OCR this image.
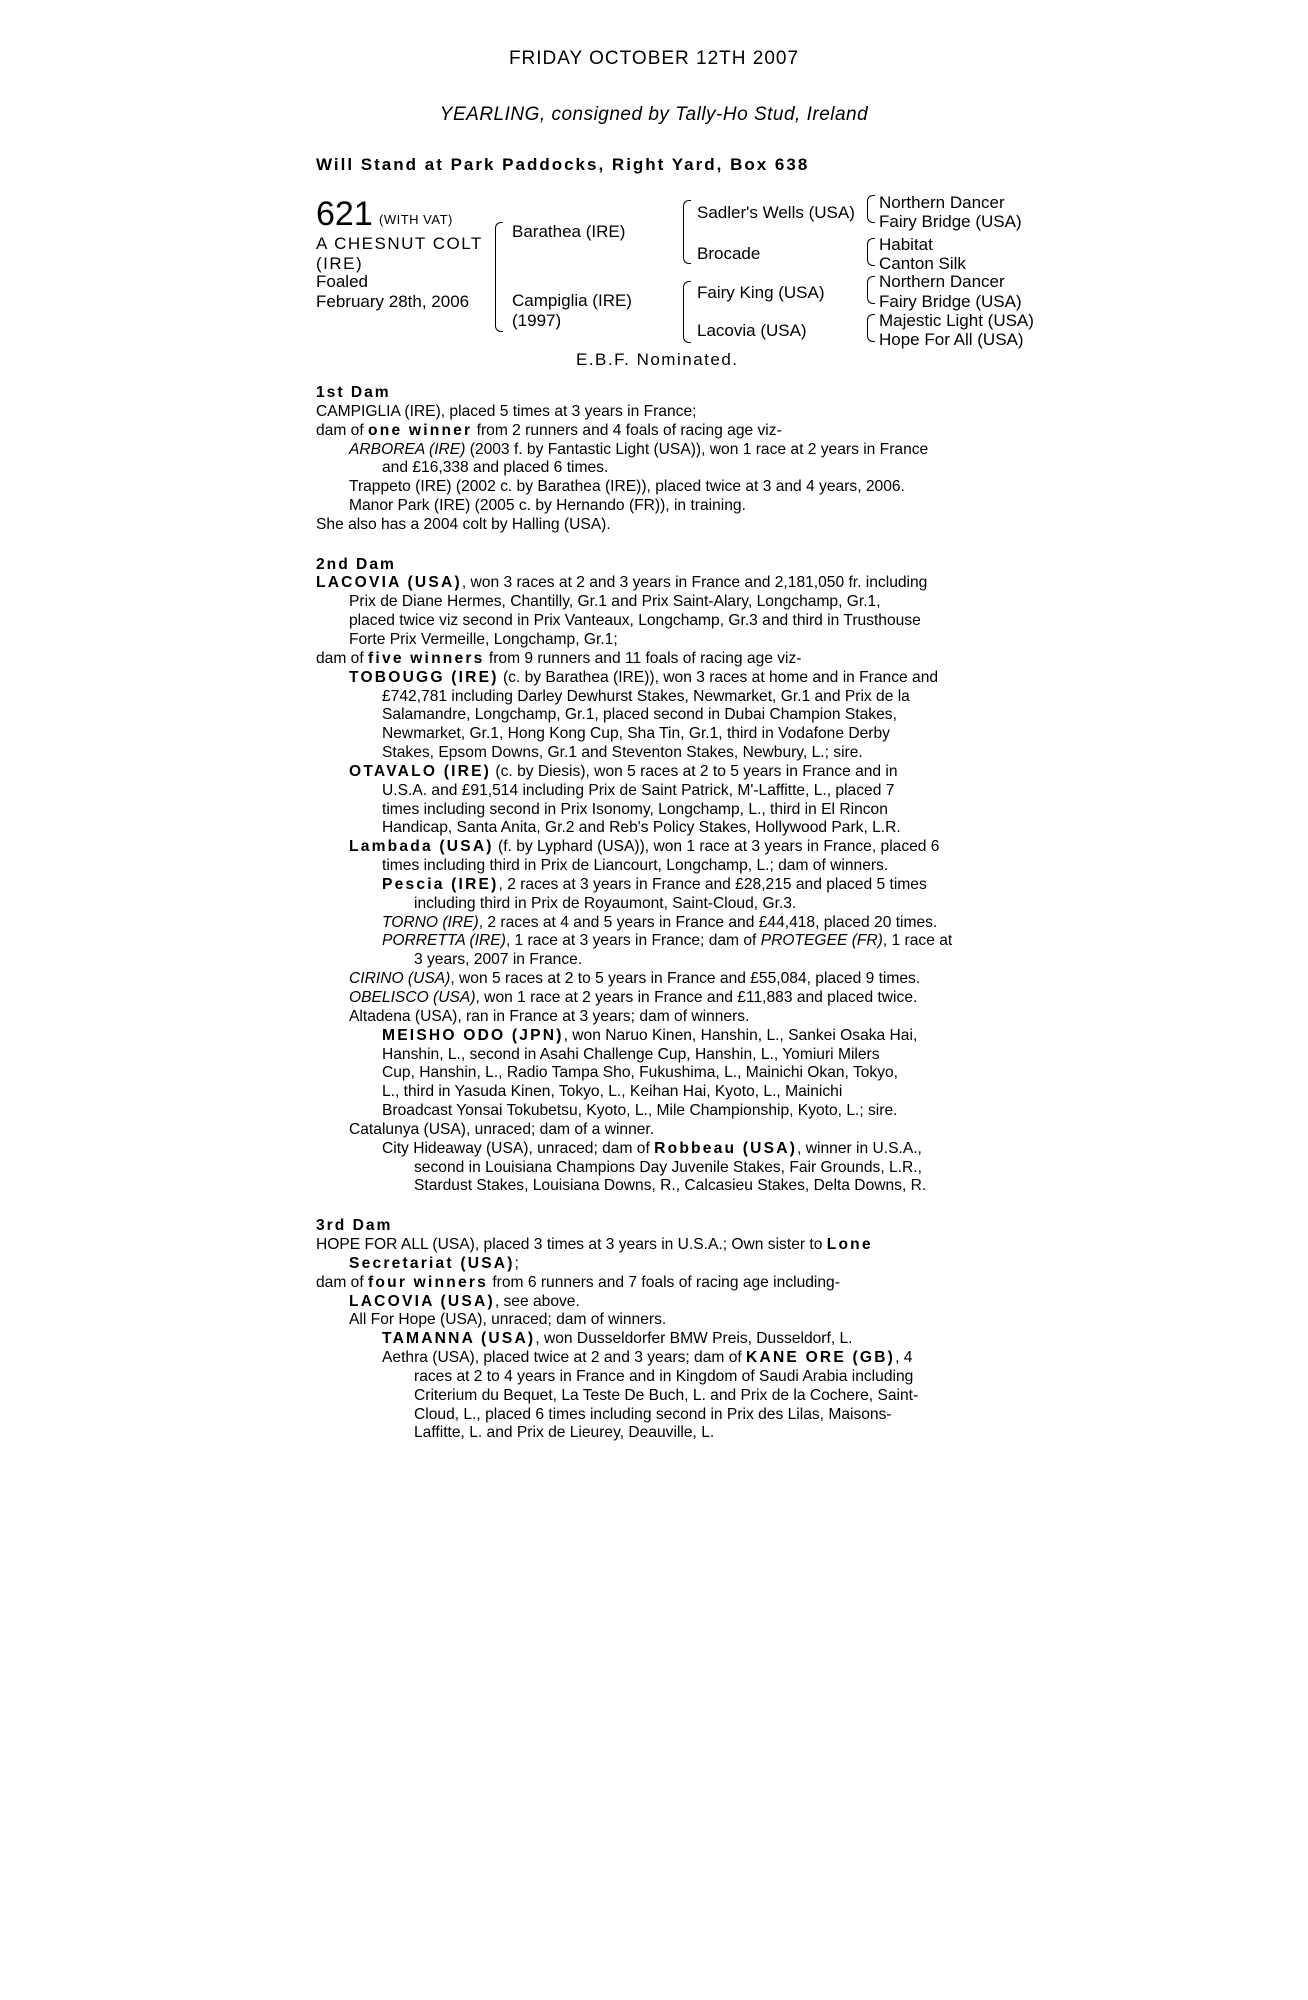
FRIDAY OCTOBER 12TH 2007
YEARLING, consigned by Tally-Ho Stud, Ireland
Will Stand at Park Paddocks, Right Yard, Box 638
621 (WITH VAT)
A CHESNUT COLT
(IRE)
Foaled
February 28th, 2006
Barathea (IRE)
Campiglia (IRE)
(1997)
Sadler's Wells (USA)
Brocade
Fairy King (USA)
Lacovia (USA)
Northern Dancer
Fairy Bridge (USA)
Habitat
Canton Silk
Northern Dancer
Fairy Bridge (USA)
Majestic Light (USA)
Hope For All (USA)
E.B.F. Nominated.

1st Dam

CAMPIGLIA (IRE), placed 5 times at 3 years in France;

dam of one winner from 2 runners and 4 foals of racing age viz-

ARBOREA (IRE) (2003 f. by Fantastic Light (USA)), won 1 race at 2 years in France

and £16,338 and placed 6 times.

Trappeto (IRE) (2002 c. by Barathea (IRE)), placed twice at 3 and 4 years, 2006.

Manor Park (IRE) (2005 c. by Hernando (FR)), in training.

She also has a 2004 colt by Halling (USA).

2nd Dam

LACOVIA (USA), won 3 races at 2 and 3 years in France and 2,181,050 fr. including

Prix de Diane Hermes, Chantilly, Gr.1 and Prix Saint-Alary, Longchamp, Gr.1,

placed twice viz second in Prix Vanteaux, Longchamp, Gr.3 and third in Trusthouse

Forte Prix Vermeille, Longchamp, Gr.1;

dam of five winners from 9 runners and 11 foals of racing age viz-

TOBOUGG (IRE) (c. by Barathea (IRE)), won 3 races at home and in France and

£742,781 including Darley Dewhurst Stakes, Newmarket, Gr.1 and Prix de la

Salamandre, Longchamp, Gr.1, placed second in Dubai Champion Stakes,

Newmarket, Gr.1, Hong Kong Cup, Sha Tin, Gr.1, third in Vodafone Derby

Stakes, Epsom Downs, Gr.1 and Steventon Stakes, Newbury, L.; sire.

OTAVALO (IRE) (c. by Diesis), won 5 races at 2 to 5 years in France and in

U.S.A. and £91,514 including Prix de Saint Patrick, M'-Laffitte, L., placed 7

times including second in Prix Isonomy, Longchamp, L., third in El Rincon

Handicap, Santa Anita, Gr.2 and Reb's Policy Stakes, Hollywood Park, L.R.

Lambada (USA) (f. by Lyphard (USA)), won 1 race at 3 years in France, placed 6

times including third in Prix de Liancourt, Longchamp, L.; dam of winners.

Pescia (IRE), 2 races at 3 years in France and £28,215 and placed 5 times

including third in Prix de Royaumont, Saint-Cloud, Gr.3.

TORNO (IRE), 2 races at 4 and 5 years in France and £44,418, placed 20 times.

PORRETTA (IRE), 1 race at 3 years in France; dam of PROTEGEE (FR), 1 race at

3 years, 2007 in France.

CIRINO (USA), won 5 races at 2 to 5 years in France and £55,084, placed 9 times.

OBELISCO (USA), won 1 race at 2 years in France and £11,883 and placed twice.

Altadena (USA), ran in France at 3 years; dam of winners.

MEISHO ODO (JPN), won Naruo Kinen, Hanshin, L., Sankei Osaka Hai,

Hanshin, L., second in Asahi Challenge Cup, Hanshin, L., Yomiuri Milers

Cup, Hanshin, L., Radio Tampa Sho, Fukushima, L., Mainichi Okan, Tokyo,

L., third in Yasuda Kinen, Tokyo, L., Keihan Hai, Kyoto, L., Mainichi

Broadcast Yonsai Tokubetsu, Kyoto, L., Mile Championship, Kyoto, L.; sire.

Catalunya (USA), unraced; dam of a winner.

City Hideaway (USA), unraced; dam of Robbeau (USA), winner in U.S.A.,

second in Louisiana Champions Day Juvenile Stakes, Fair Grounds, L.R.,

Stardust Stakes, Louisiana Downs, R., Calcasieu Stakes, Delta Downs, R.

3rd Dam

HOPE FOR ALL (USA), placed 3 times at 3 years in U.S.A.; Own sister to Lone

Secretariat (USA);

dam of four winners from 6 runners and 7 foals of racing age including-

LACOVIA (USA), see above.

All For Hope (USA), unraced; dam of winners.

TAMANNA (USA), won Dusseldorfer BMW Preis, Dusseldorf, L.

Aethra (USA), placed twice at 2 and 3 years; dam of KANE ORE (GB), 4

races at 2 to 4 years in France and in Kingdom of Saudi Arabia including

Criterium du Bequet, La Teste De Buch, L. and Prix de la Cochere, Saint-

Cloud, L., placed 6 times including second in Prix des Lilas, Maisons-

Laffitte, L. and Prix de Lieurey, Deauville, L.
